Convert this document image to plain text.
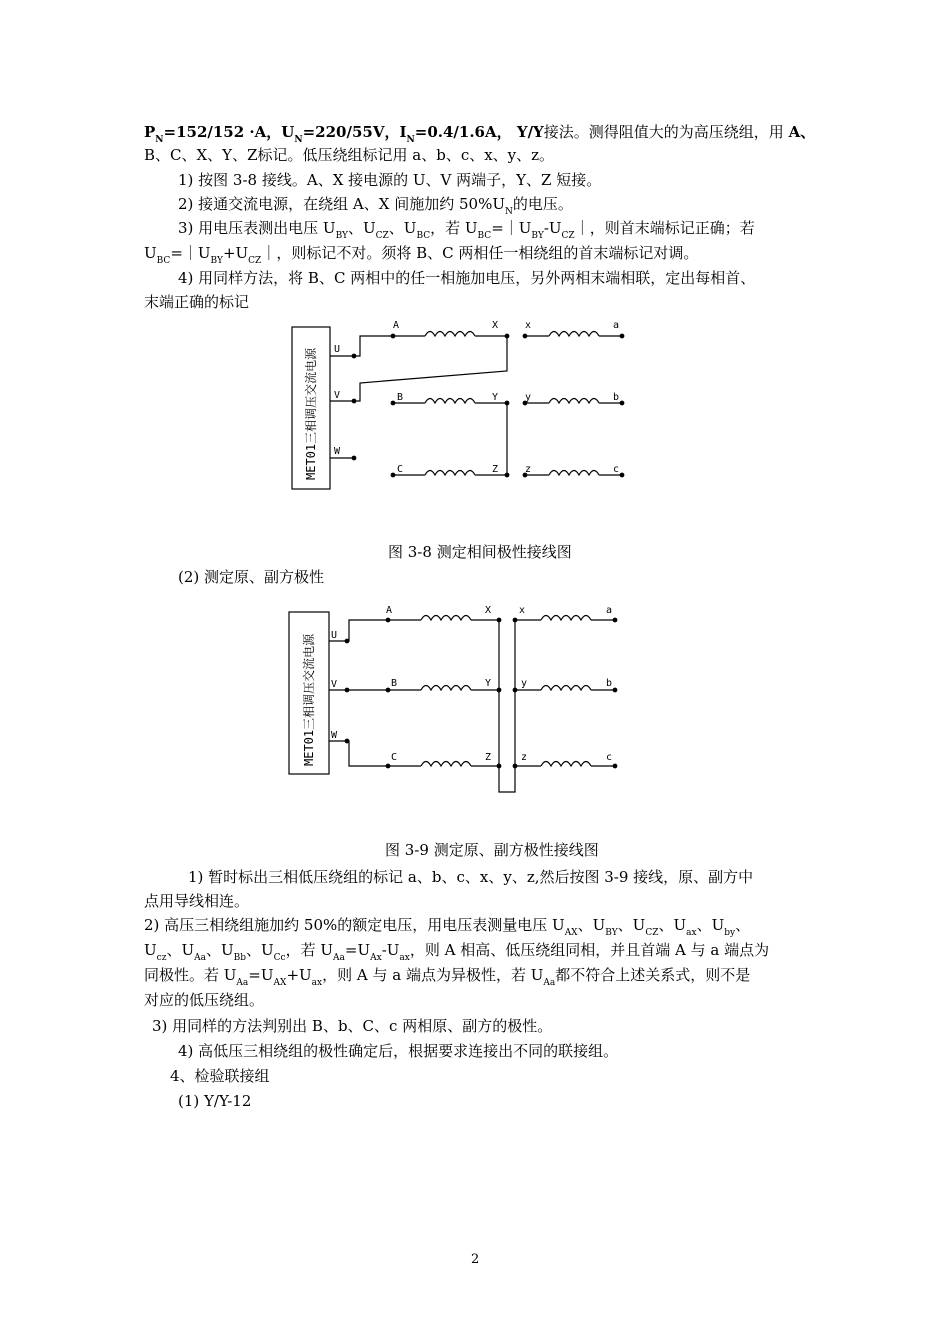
$P_N=152/152 \cdot A$，$U_N=220/55V$，$I_N=0.4/1.6A$， Y/Y接法。测得阻值大的为高压绕组，用 A、
B、C、X、Y、Z标记。低压绕组标记用 a、b、c、x、y、z。
1) 按图 3-8 接线。A、X 接电源的 U、V 两端子，Y、Z 短接。
2) 接通交流电源，在绕组 A、X 间施加约 $50\%U_N$的电压。
3) 用电压表测出电压 $U_{BY}$、$U_{CZ}$、$U_{BC}$，若 $U_{BC}=|U_{BY}-U_{CZ}|$，则首末端标记正确；若
$U_{BC}=|U_{BY}+U_{CZ}|$，则标记不对。须将 B、C 两相任一相绕组的首末端标记对调。
4) 用同样方法，将 B、C 两相中的任一相施加电压，另外两相末端相联，定出每相首、
末端正确的标记
MET01三相调压交流电源 U
V
W
A	X
B	Y
C	Z
x	a
y	b
z	c
图 3-8 测定相间极性接线图
(2) 测定原、副方极性
MET01三相调压交流电源 U
V
W
A	X
B	Y
C	Z
x	a
y	b
z	c
图 3-9 测定原、副方极性接线图
1) 暂时标出三相低压绕组的标记 a、b、c、x、y、z,然后按图 3-9 接线，原、副方中
点用导线相连。
2) 高压三相绕组施加约 50%的额定电压，用电压表测量电压 $U_{AX}$、$U_{BY}$、$U_{CZ}$、$U_{ax}$、$U_{by}$、
$U_{cz}$、$U_{Aa}$、$U_{Bb}$、$U_{Cc}$，若 $U_{Aa}=U_{Ax}-U_{ax}$，则 A 相高、低压绕组同相，并且首端 A 与 a 端点为
同极性。若 $U_{Aa}=U_{AX}+U_{ax}$，则 A 与 a 端点为异极性，若 $U_{Aa}$都不符合上述关系式，则不是
对应的低压绕组。
3) 用同样的方法判别出 B、b、C、c 两相原、副方的极性。
4) 高低压三相绕组的极性确定后，根据要求连接出不同的联接组。
4、检验联接组
(1) Y/Y-12
2
